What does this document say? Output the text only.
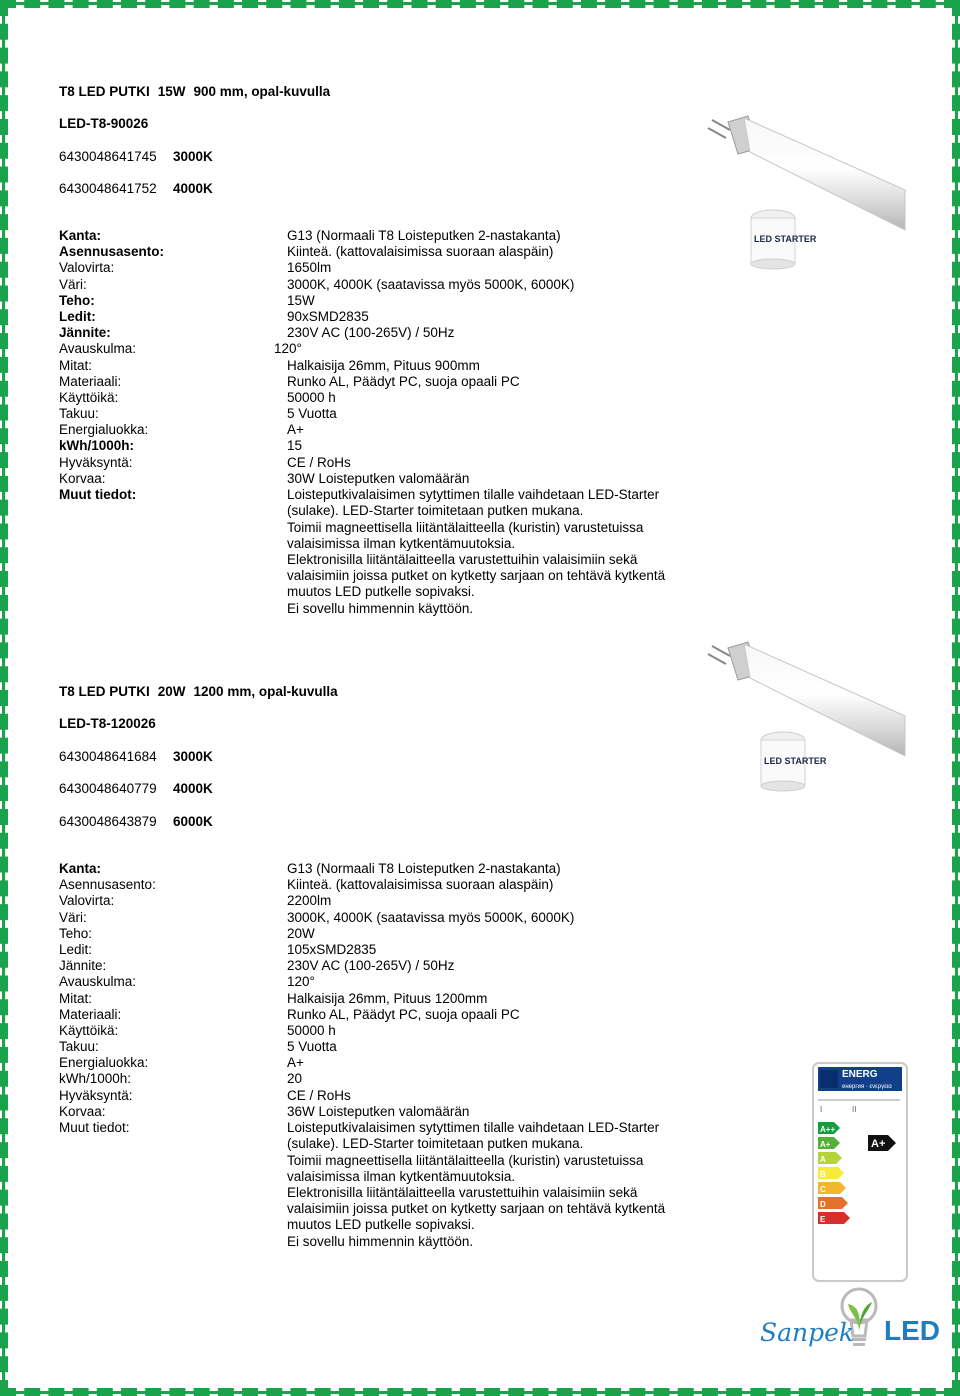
T8 LED PUTKI 15W 900 mm, opal-kuvulla
LED-T8-90026
6430048641745 3000K
6430048641752 4000K
Kanta:	G13 (Normaali T8 Loisteputken 2-nastakanta)
Asennusasento:	Kiinteä. (kattovalaisimissa suoraan alaspäin)
Valovirta:	1650lm
Väri:	3000K, 4000K (saatavissa myös 5000K, 6000K)
Teho:	15W
Ledit:	90xSMD2835
Jännite:	230V AC (100-265V) / 50Hz
Avauskulma:	120°
Mitat:	Halkaisija 26mm, Pituus 900mm
Materiaali:	Runko AL, Päädyt PC, suoja opaali PC
Käyttöikä:	50000 h
Takuu:	5 Vuotta
Energialuokka:	A+
kWh/1000h:	15
Hyväksyntä:	CE / RoHs
Korvaa:	30W Loisteputken valomäärän
Muut tiedot:	Loisteputkivalaisimen sytyttimen tilalle vaihdetaan LED-Starter
(sulake). LED-Starter toimitetaan putken mukana.
Toimii magneettisella liitäntälaitteella (kuristin) varustetuissa
valaisimissa ilman kytkentämuutoksia.
Elektronisilla liitäntälaitteella varustettuihin valaisimiin sekä
valaisimiin joissa putket on kytketty sarjaan on tehtävä kytkentä
muutos LED putkelle sopivaksi.
Ei sovellu himmennin käyttöön.
LED STARTER
T8 LED PUTKI 20W 1200 mm, opal-kuvulla
LED-T8-120026
6430048641684 3000K
6430048640779 4000K
6430048643879 6000K
Kanta:	G13 (Normaali T8 Loisteputken 2-nastakanta)
Asennusasento:	Kiinteä. (kattovalaisimissa suoraan alaspäin)
Valovirta:	2200lm
Väri:	3000K, 4000K (saatavissa myös 5000K, 6000K)
Teho:	20W
Ledit:	105xSMD2835
Jännite:	230V AC (100-265V) / 50Hz
Avauskulma:	120°
Mitat:	Halkaisija 26mm, Pituus 1200mm
Materiaali:	Runko AL, Päädyt PC, suoja opaali PC
Käyttöikä:	50000 h
Takuu:	5 Vuotta
Energialuokka:	A+
kWh/1000h:	20
Hyväksyntä:	CE / RoHs
Korvaa:	36W Loisteputken valomäärän
Muut tiedot:	Loisteputkivalaisimen sytyttimen tilalle vaihdetaan LED-Starter
(sulake). LED-Starter toimitetaan putken mukana.
Toimii magneettisella liitäntälaitteella (kuristin) varustetuissa
valaisimissa ilman kytkentämuutoksia.
Elektronisilla liitäntälaitteella varustettuihin valaisimiin sekä
valaisimiin joissa putket on kytketty sarjaan on tehtävä kytkentä
muutos LED putkelle sopivaksi.
Ei sovellu himmennin käyttöön.
LED STARTER
ENERG
енергия · ενεργεια
I	II
A++
A+
A
B
C
D
E
A+
Sanpek LED
